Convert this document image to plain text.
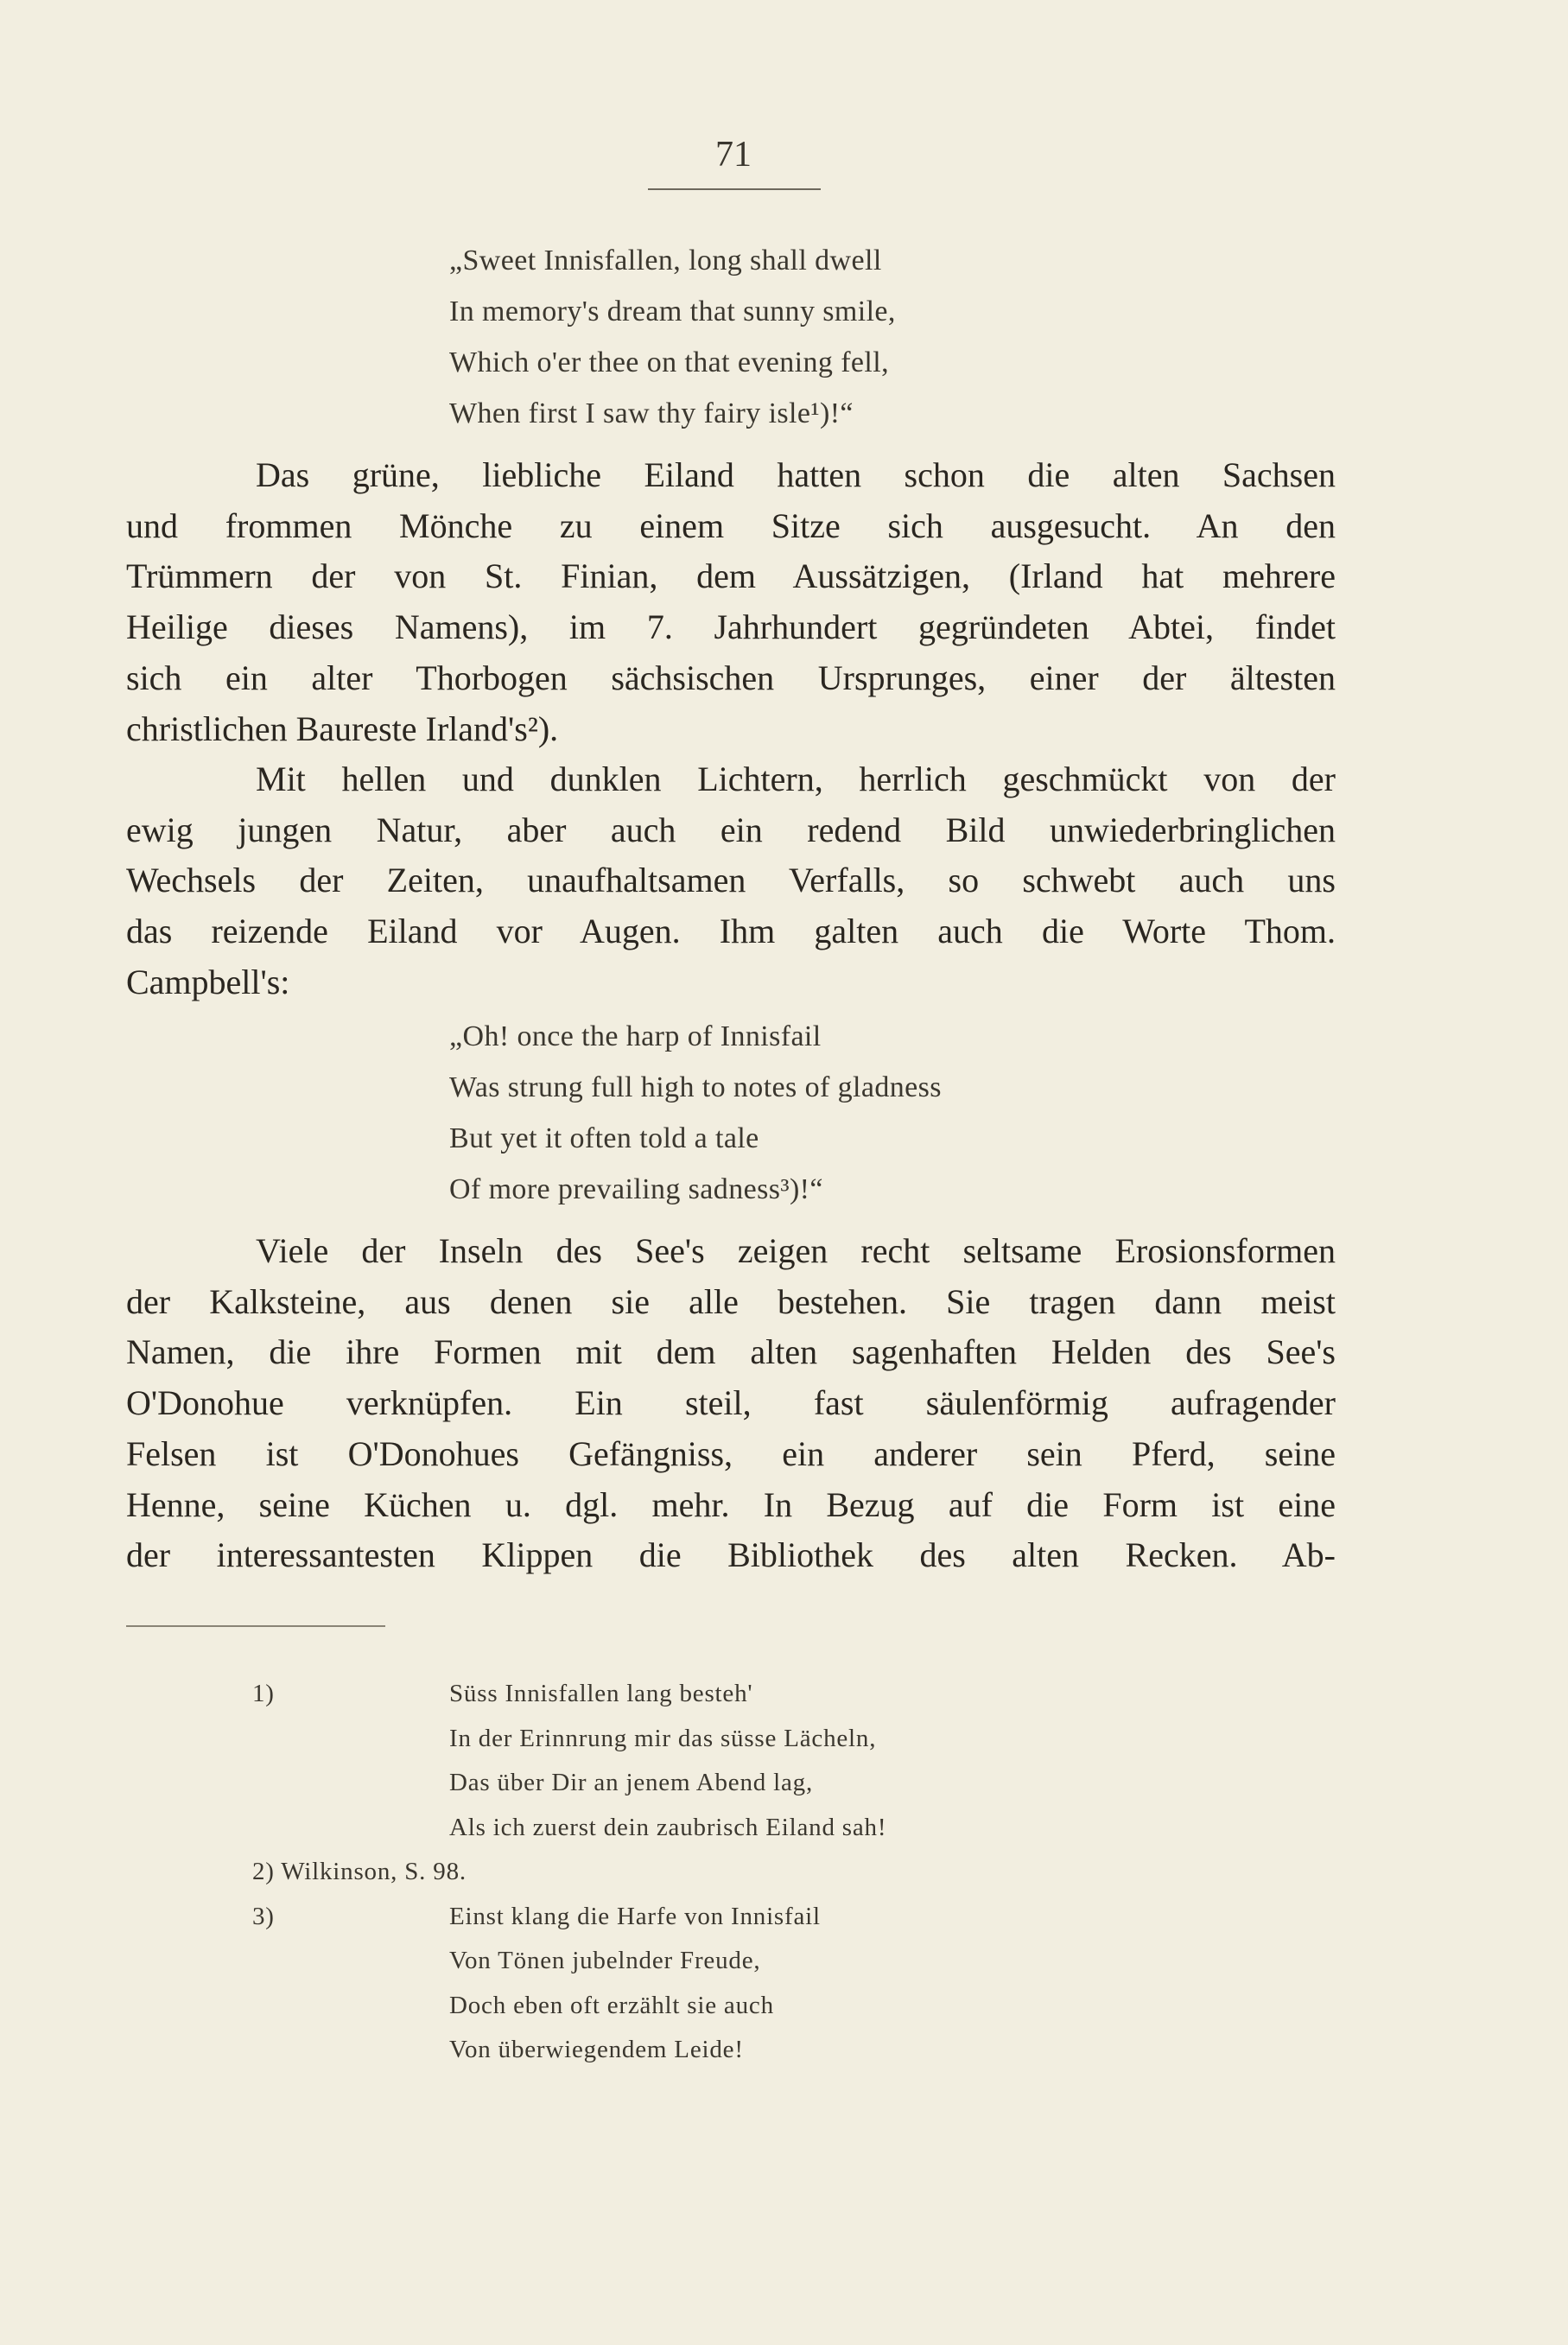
71
„Sweet Innisfallen, long shall dwell
In memory's dream that sunny smile,
Which o'er thee on that evening fell,
When first I saw thy fairy isle¹)!“
Das grüne, liebliche Eiland hatten schon die alten Sachsen
und frommen Mönche zu einem Sitze sich ausgesucht. An den
Trümmern der von St. Finian, dem Aussätzigen, (Irland hat mehrere
Heilige dieses Namens), im 7. Jahrhundert gegründeten Abtei, findet
sich ein alter Thorbogen sächsischen Ursprunges, einer der ältesten
christlichen Baureste Irland's²).
Mit hellen und dunklen Lichtern, herrlich geschmückt von der
ewig jungen Natur, aber auch ein redend Bild unwiederbringlichen
Wechsels der Zeiten, unaufhaltsamen Verfalls, so schwebt auch uns
das reizende Eiland vor Augen. Ihm galten auch die Worte Thom.
Campbell's:
„Oh! once the harp of Innisfail
Was strung full high to notes of gladness
But yet it often told a tale
Of more prevailing sadness³)!“
Viele der Inseln des See's zeigen recht seltsame Erosionsformen
der Kalksteine, aus denen sie alle bestehen. Sie tragen dann meist
Namen, die ihre Formen mit dem alten sagenhaften Helden des See's
O'Donohue verknüpfen. Ein steil, fast säulenförmig aufragender
Felsen ist O'Donohues Gefängniss, ein anderer sein Pferd, seine
Henne, seine Küchen u. dgl. mehr. In Bezug auf die Form ist eine
der interessantesten Klippen die Bibliothek des alten Recken. Ab-
1)	Süss Innisfallen lang besteh'
In der Erinnrung mir das süsse Lächeln,
Das über Dir an jenem Abend lag,
Als ich zuerst dein zaubrisch Eiland sah!
2) Wilkinson, S. 98.
3)	Einst klang die Harfe von Innisfail
Von Tönen jubelnder Freude,
Doch eben oft erzählt sie auch
Von überwiegendem Leide!
